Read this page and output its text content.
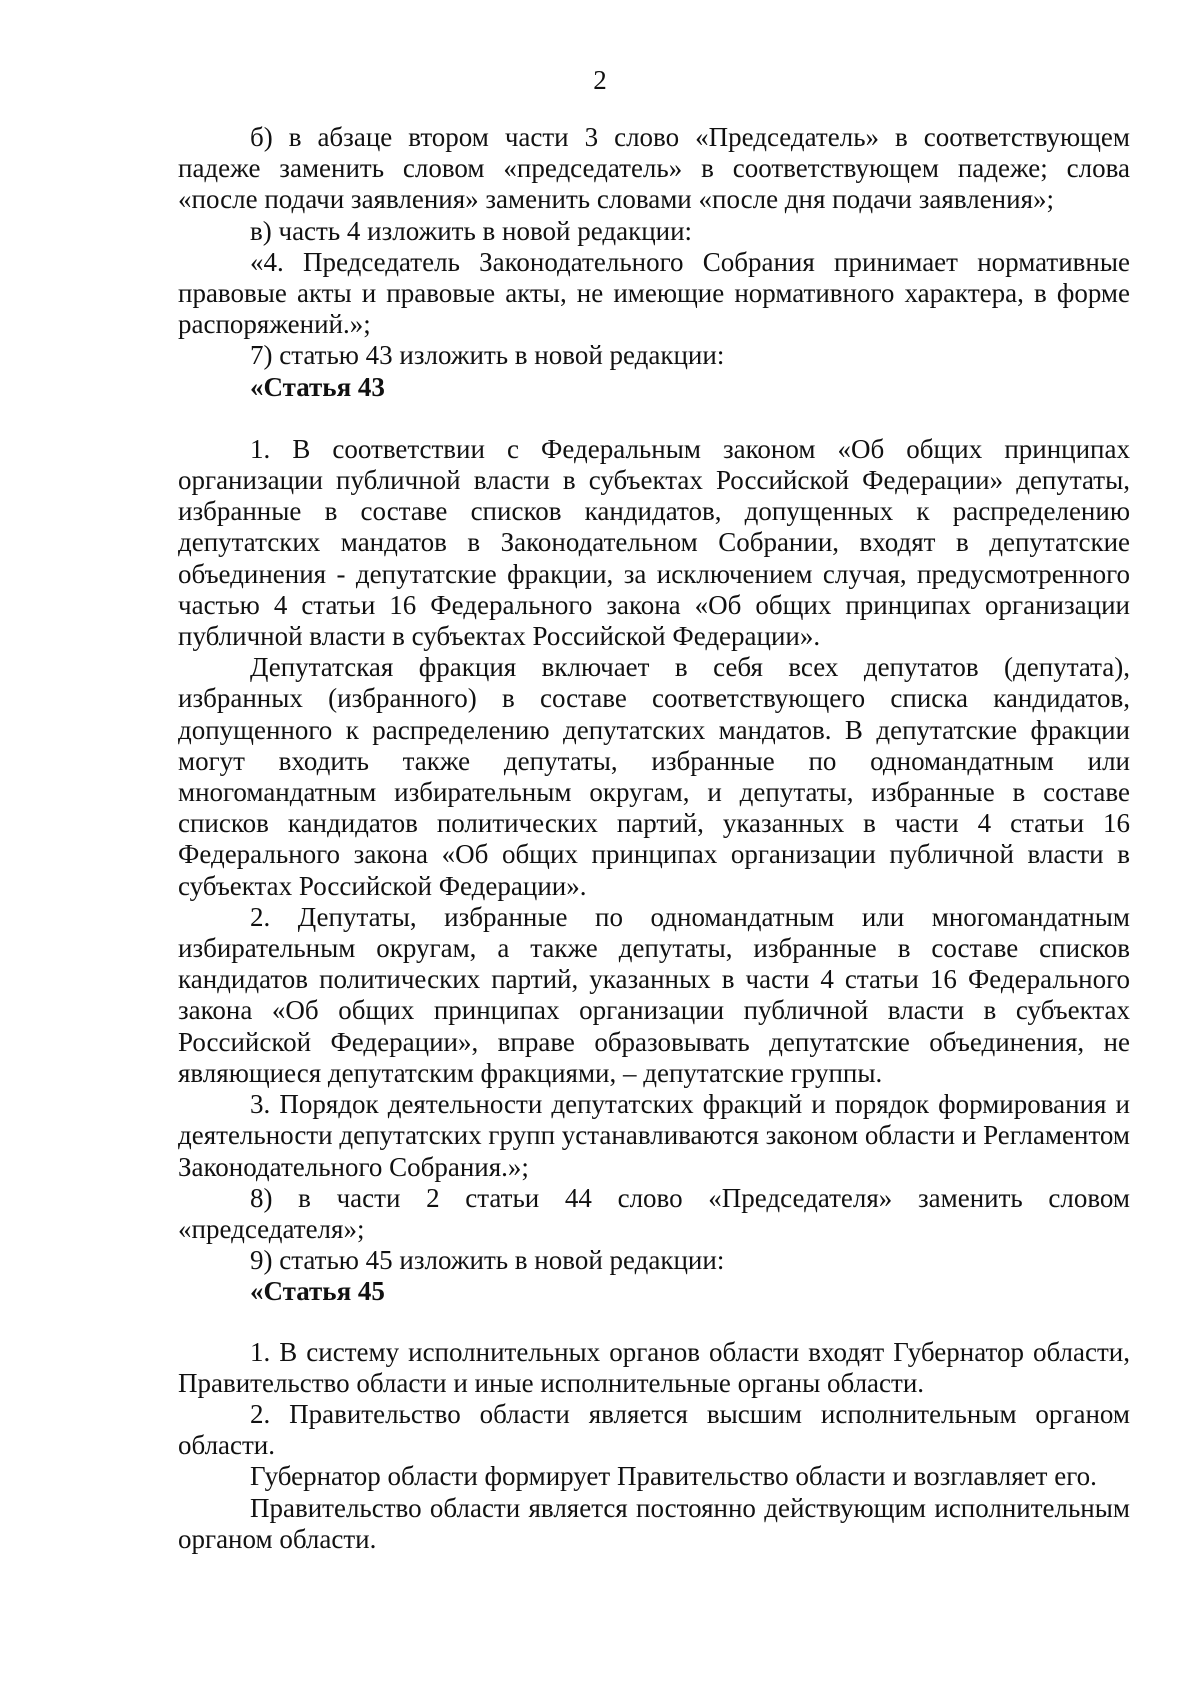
2

б) в абзаце втором части 3 слово «Председатель» в соответствующем падеже заменить словом «председатель» в соответствующем падеже; слова «после подачи заявления» заменить словами «после дня подачи заявления»;

в) часть 4 изложить в новой редакции:

«4. Председатель Законодательного Собрания принимает нормативные правовые акты и правовые акты, не имеющие нормативного характера, в форме распоряжений.»;

7) статью 43 изложить в новой редакции:

«Статья 43

1. В соответствии с Федеральным законом «Об общих принципах организации публичной власти в субъектах Российской Федерации» депутаты, избранные в составе списков кандидатов, допущенных к распределению депутатских мандатов в Законодательном Собрании, входят в депутатские объединения - депутатские фракции, за исключением случая, предусмотренного частью 4 статьи 16 Федерального закона «Об общих принципах организации публичной власти в субъектах Российской Федерации».

Депутатская фракция включает в себя всех депутатов (депутата), избранных (избранного) в составе соответствующего списка кандидатов, допущенного к распределению депутатских мандатов. В депутатские фракции могут входить также депутаты, избранные по одномандатным или многомандатным избирательным округам, и депутаты, избранные в составе списков кандидатов политических партий, указанных в части 4 статьи 16 Федерального закона «Об общих принципах организации публичной власти в субъектах Российской Федерации».

2. Депутаты, избранные по одномандатным или многомандатным избирательным округам, а также депутаты, избранные в составе списков кандидатов политических партий, указанных в части 4 статьи 16 Федерального закона «Об общих принципах организации публичной власти в субъектах Российской Федерации», вправе образовывать депутатские объединения, не являющиеся депутатским фракциями, – депутатские группы.

3. Порядок деятельности депутатских фракций и порядок формирования и деятельности депутатских групп устанавливаются законом области и Регламентом Законодательного Собрания.»;

8) в части 2 статьи 44 слово «Председателя» заменить словом «председателя»;

9) статью 45 изложить в новой редакции:

«Статья 45

1. В систему исполнительных органов области входят Губернатор области, Правительство области и иные исполнительные органы области.

2. Правительство области является высшим исполнительным органом области.

Губернатор области формирует Правительство области и возглавляет его.

Правительство области является постоянно действующим исполнительным органом области.
